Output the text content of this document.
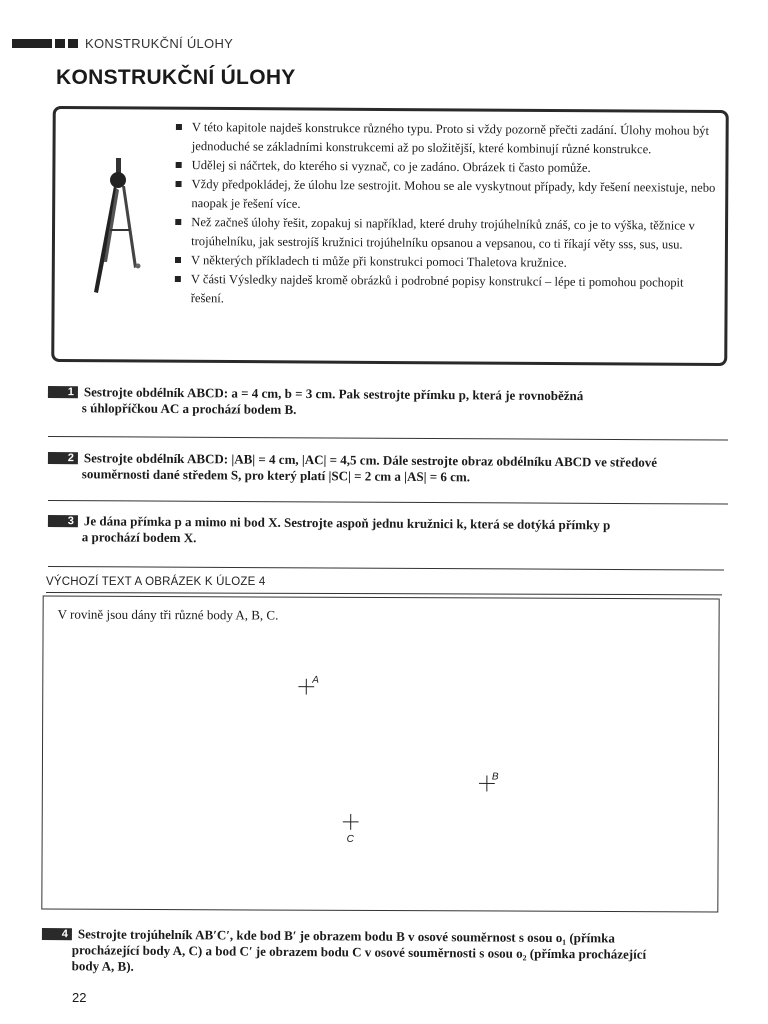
KONSTRUKČNÍ ÚLOHY
KONSTRUKČNÍ ÚLOHY
V této kapitole najdeš konstrukce různého typu. Proto si vždy pozorně přečti zadání. Úlohy mohou být jednoduché se základními konstrukcemi až po složitější, které kombinují různé konstrukce.
Udělej si náčrtek, do kterého si vyznač, co je zadáno. Obrázek ti často pomůže.
Vždy předpokládej, že úlohu lze sestrojit. Mohou se ale vyskytnout případy, kdy řešení neexistuje, nebo naopak je řešení více.
Než začneš úlohy řešit, zopakuj si například, které druhy trojúhelníků znáš, co je to výška, těžnice v trojúhelníku, jak sestrojíš kružnici trojúhelníku opsanou a vepsanou, co ti říkají věty sss, sus, usu.
V některých příkladech ti může při konstrukci pomoci Thaletova kružnice.
V části Výsledky najdeš kromě obrázků i podrobné popisy konstrukcí – lépe ti pomohou pochopit řešení.
1 Sestrojte obdélník ABCD: a = 4 cm, b = 3 cm. Pak sestrojte přímku p, která je rovnoběžná
s úhlopříčkou AC a prochází bodem B.
2 Sestrojte obdélník ABCD: |AB| = 4 cm, |AC| = 4,5 cm. Dále sestrojte obraz obdélníku ABCD ve středové
souměrnosti dané středem S, pro který platí |SC| = 2 cm a |AS| = 6 cm.
3 Je dána přímka p a mimo ni bod X. Sestrojte aspoň jednu kružnici k, která se dotýká přímky p
a prochází bodem X.
VÝCHOZÍ TEXT A OBRÁZEK K ÚLOZE 4
V rovině jsou dány tři různé body A, B, C.
A
B
C
4 Sestrojte trojúhelník AB′C′, kde bod B′ je obrazem bodu B v osové souměrnost s osou o₁ (přímka
procházející body A, C) a bod C′ je obrazem bodu C v osové souměrnosti s osou o₂ (přímka procházející
body A, B).
22
